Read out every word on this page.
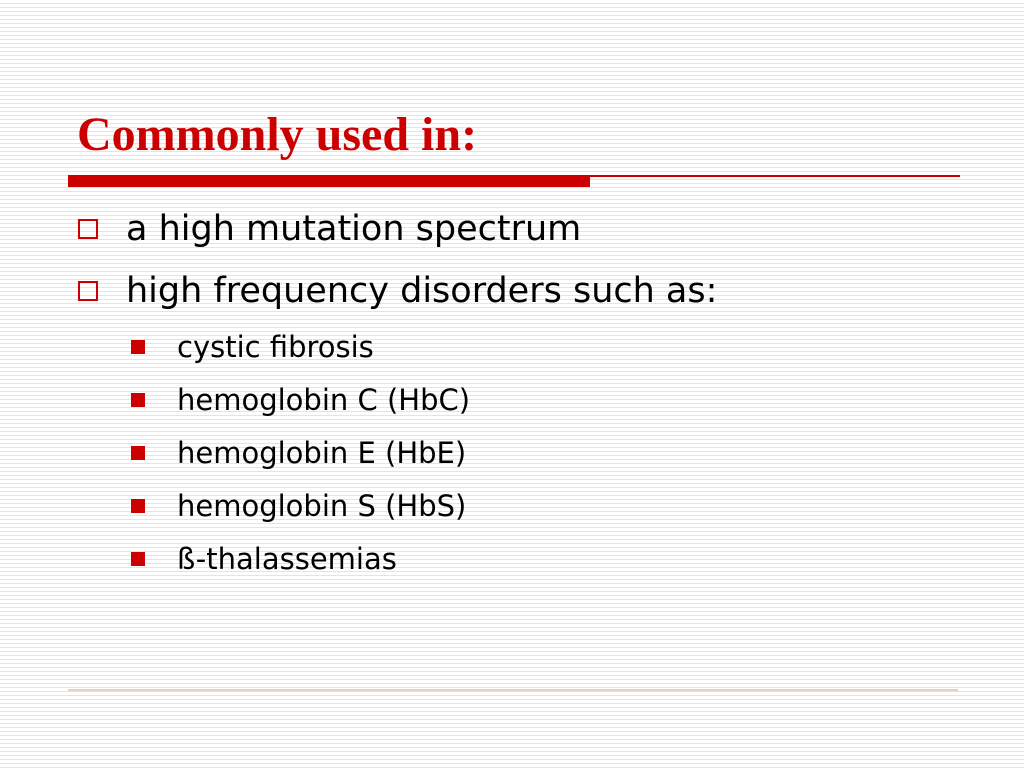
Commonly used in:
a high mutation spectrum
high frequency disorders such as:
cystic fibrosis
hemoglobin C (HbC)
hemoglobin E (HbE)
hemoglobin S (HbS)
ß-thalassemias
